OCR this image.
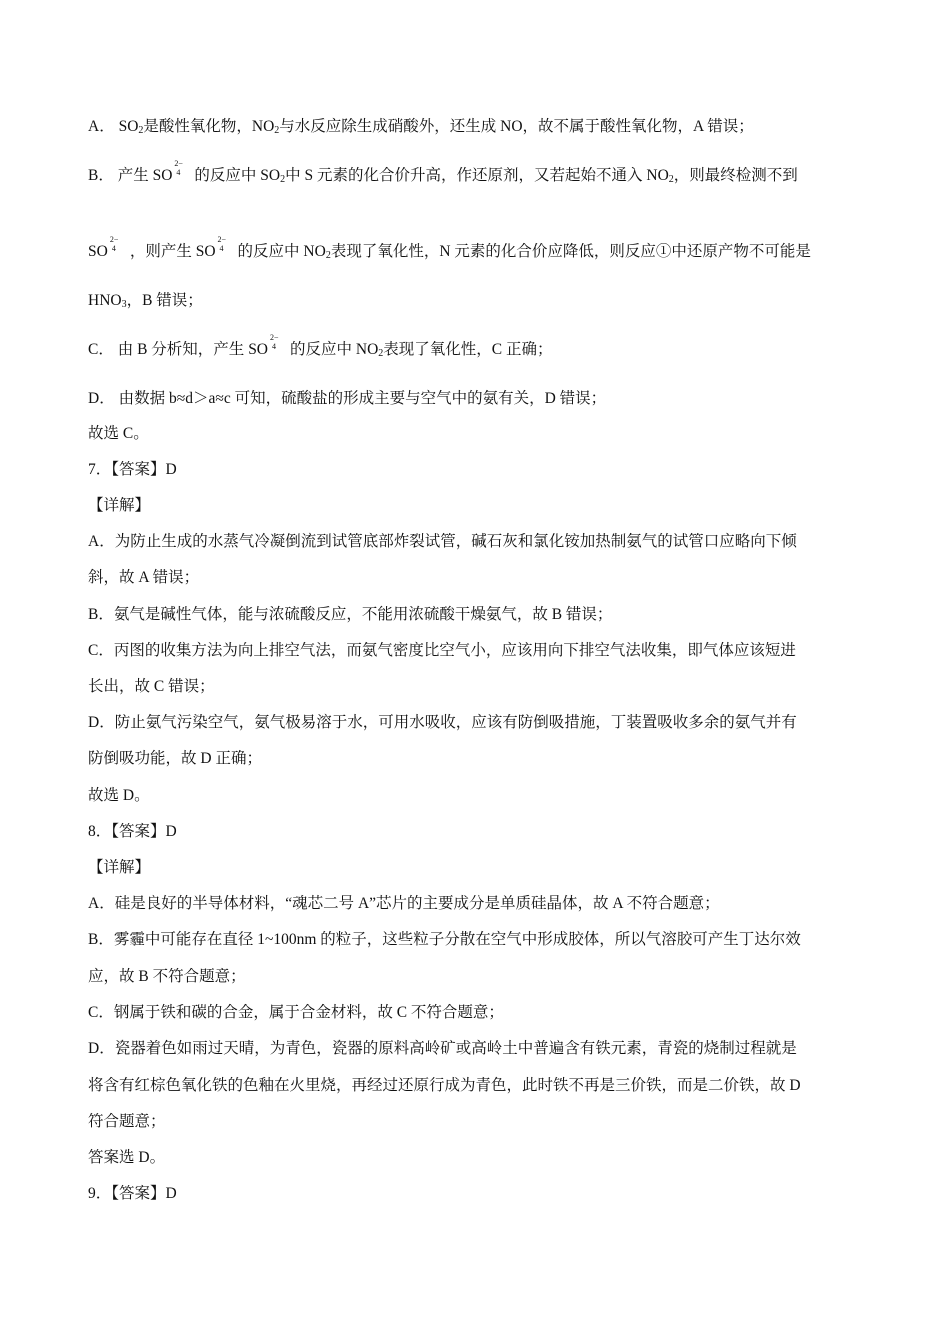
A． $SO_2$是酸性氧化物，$NO_2$与水反应除生成硝酸外，还生成 NO，故不属于酸性氧化物，A 错误；
B． 产生 SO
2−
4 的反应中 $SO_2$中 S 元素的化合价升高，作还原剂，又若起始不通入 $NO_2$，则最终检测不到
SO
2−
4 ，则产生 SO
2−
4 的反应中 $NO_2$表现了氧化性，N 元素的化合价应降低，则反应①中还原产物不可能是
$HNO_3$，B 错误；
C． 由 B 分析知，产生 SO
2−
4 的反应中 $NO_2$表现了氧化性，C 正确；
D． 由数据 b≈d＞a≈c 可知，硫酸盐的形成主要与空气中的氨有关，D 错误；
故选 C。
7．【答案】D
【详解】
A．为防止生成的水蒸气冷凝倒流到试管底部炸裂试管，碱石灰和氯化铵加热制氨气的试管口应略向下倾
斜，故 A 错误；
B．氨气是碱性气体，能与浓硫酸反应，不能用浓硫酸干燥氨气，故 B 错误；
C．丙图的收集方法为向上排空气法，而氨气密度比空气小，应该用向下排空气法收集，即气体应该短进
长出，故 C 错误；
D．防止氨气污染空气，氨气极易溶于水，可用水吸收，应该有防倒吸措施，丁装置吸收多余的氨气并有
防倒吸功能，故 D 正确；
故选 D。
8．【答案】D
【详解】
A．硅是良好的半导体材料，“魂芯二号 A”芯片的主要成分是单质硅晶体，故 A 不符合题意；
B．雾霾中可能存在直径 1~100nm 的粒子，这些粒子分散在空气中形成胶体，所以气溶胶可产生丁达尔效
应，故 B 不符合题意；
C．钢属于铁和碳的合金，属于合金材料，故 C 不符合题意；
D．瓷器着色如雨过天晴，为青色，瓷器的原料高岭矿或高岭土中普遍含有铁元素，青瓷的烧制过程就是
将含有红棕色氧化铁的色釉在火里烧，再经过还原行成为青色，此时铁不再是三价铁，而是二价铁，故 D
符合题意；
答案选 D。
9．【答案】D
